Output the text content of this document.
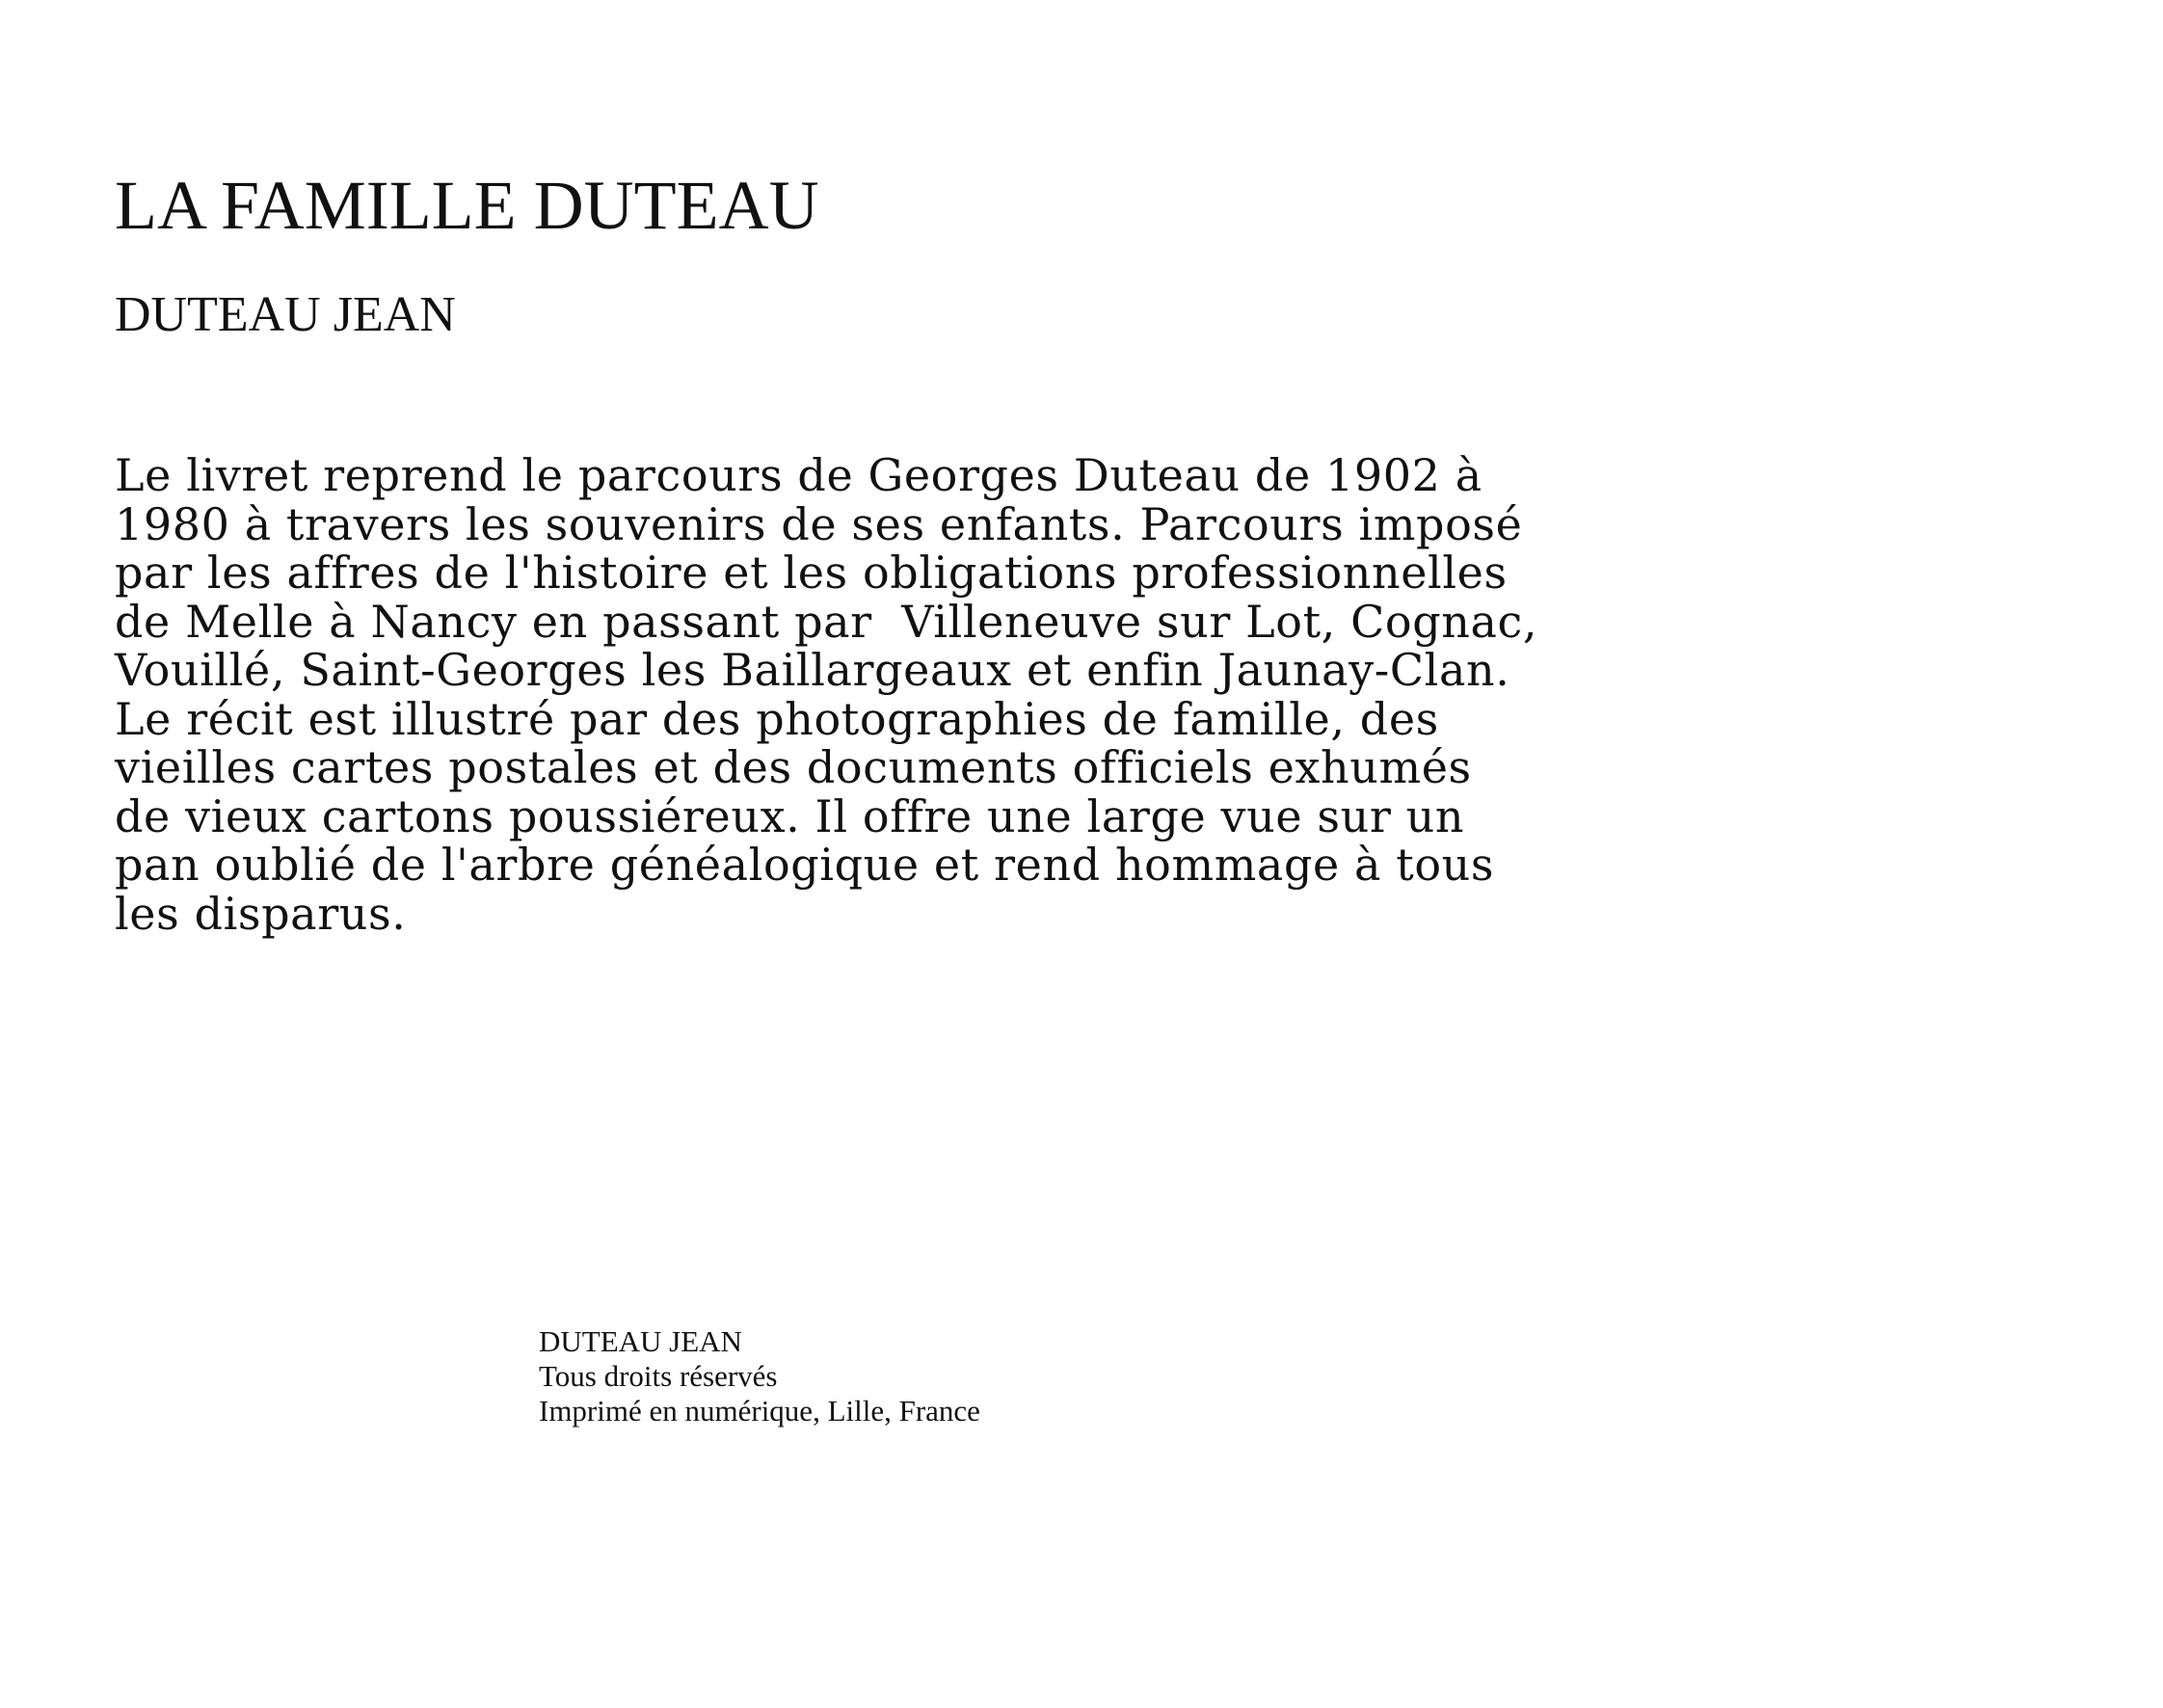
LA FAMILLE DUTEAU
DUTEAU JEAN
Le livret reprend le parcours de Georges Duteau de 1902 à
1980 à travers les souvenirs de ses enfants. Parcours imposé
par les affres de l'histoire et les obligations professionnelles
de Melle à Nancy en passant par  Villeneuve sur Lot, Cognac,
Vouillé, Saint-Georges les Baillargeaux et enfin Jaunay-Clan.
Le récit est illustré par des photographies de famille, des
vieilles cartes postales et des documents officiels exhumés
de vieux cartons poussiéreux. Il offre une large vue sur un
pan oublié de l'arbre généalogique et rend hommage à tous
les disparus.
DUTEAU JEAN
Tous droits réservés
Imprimé en numérique, Lille, France
